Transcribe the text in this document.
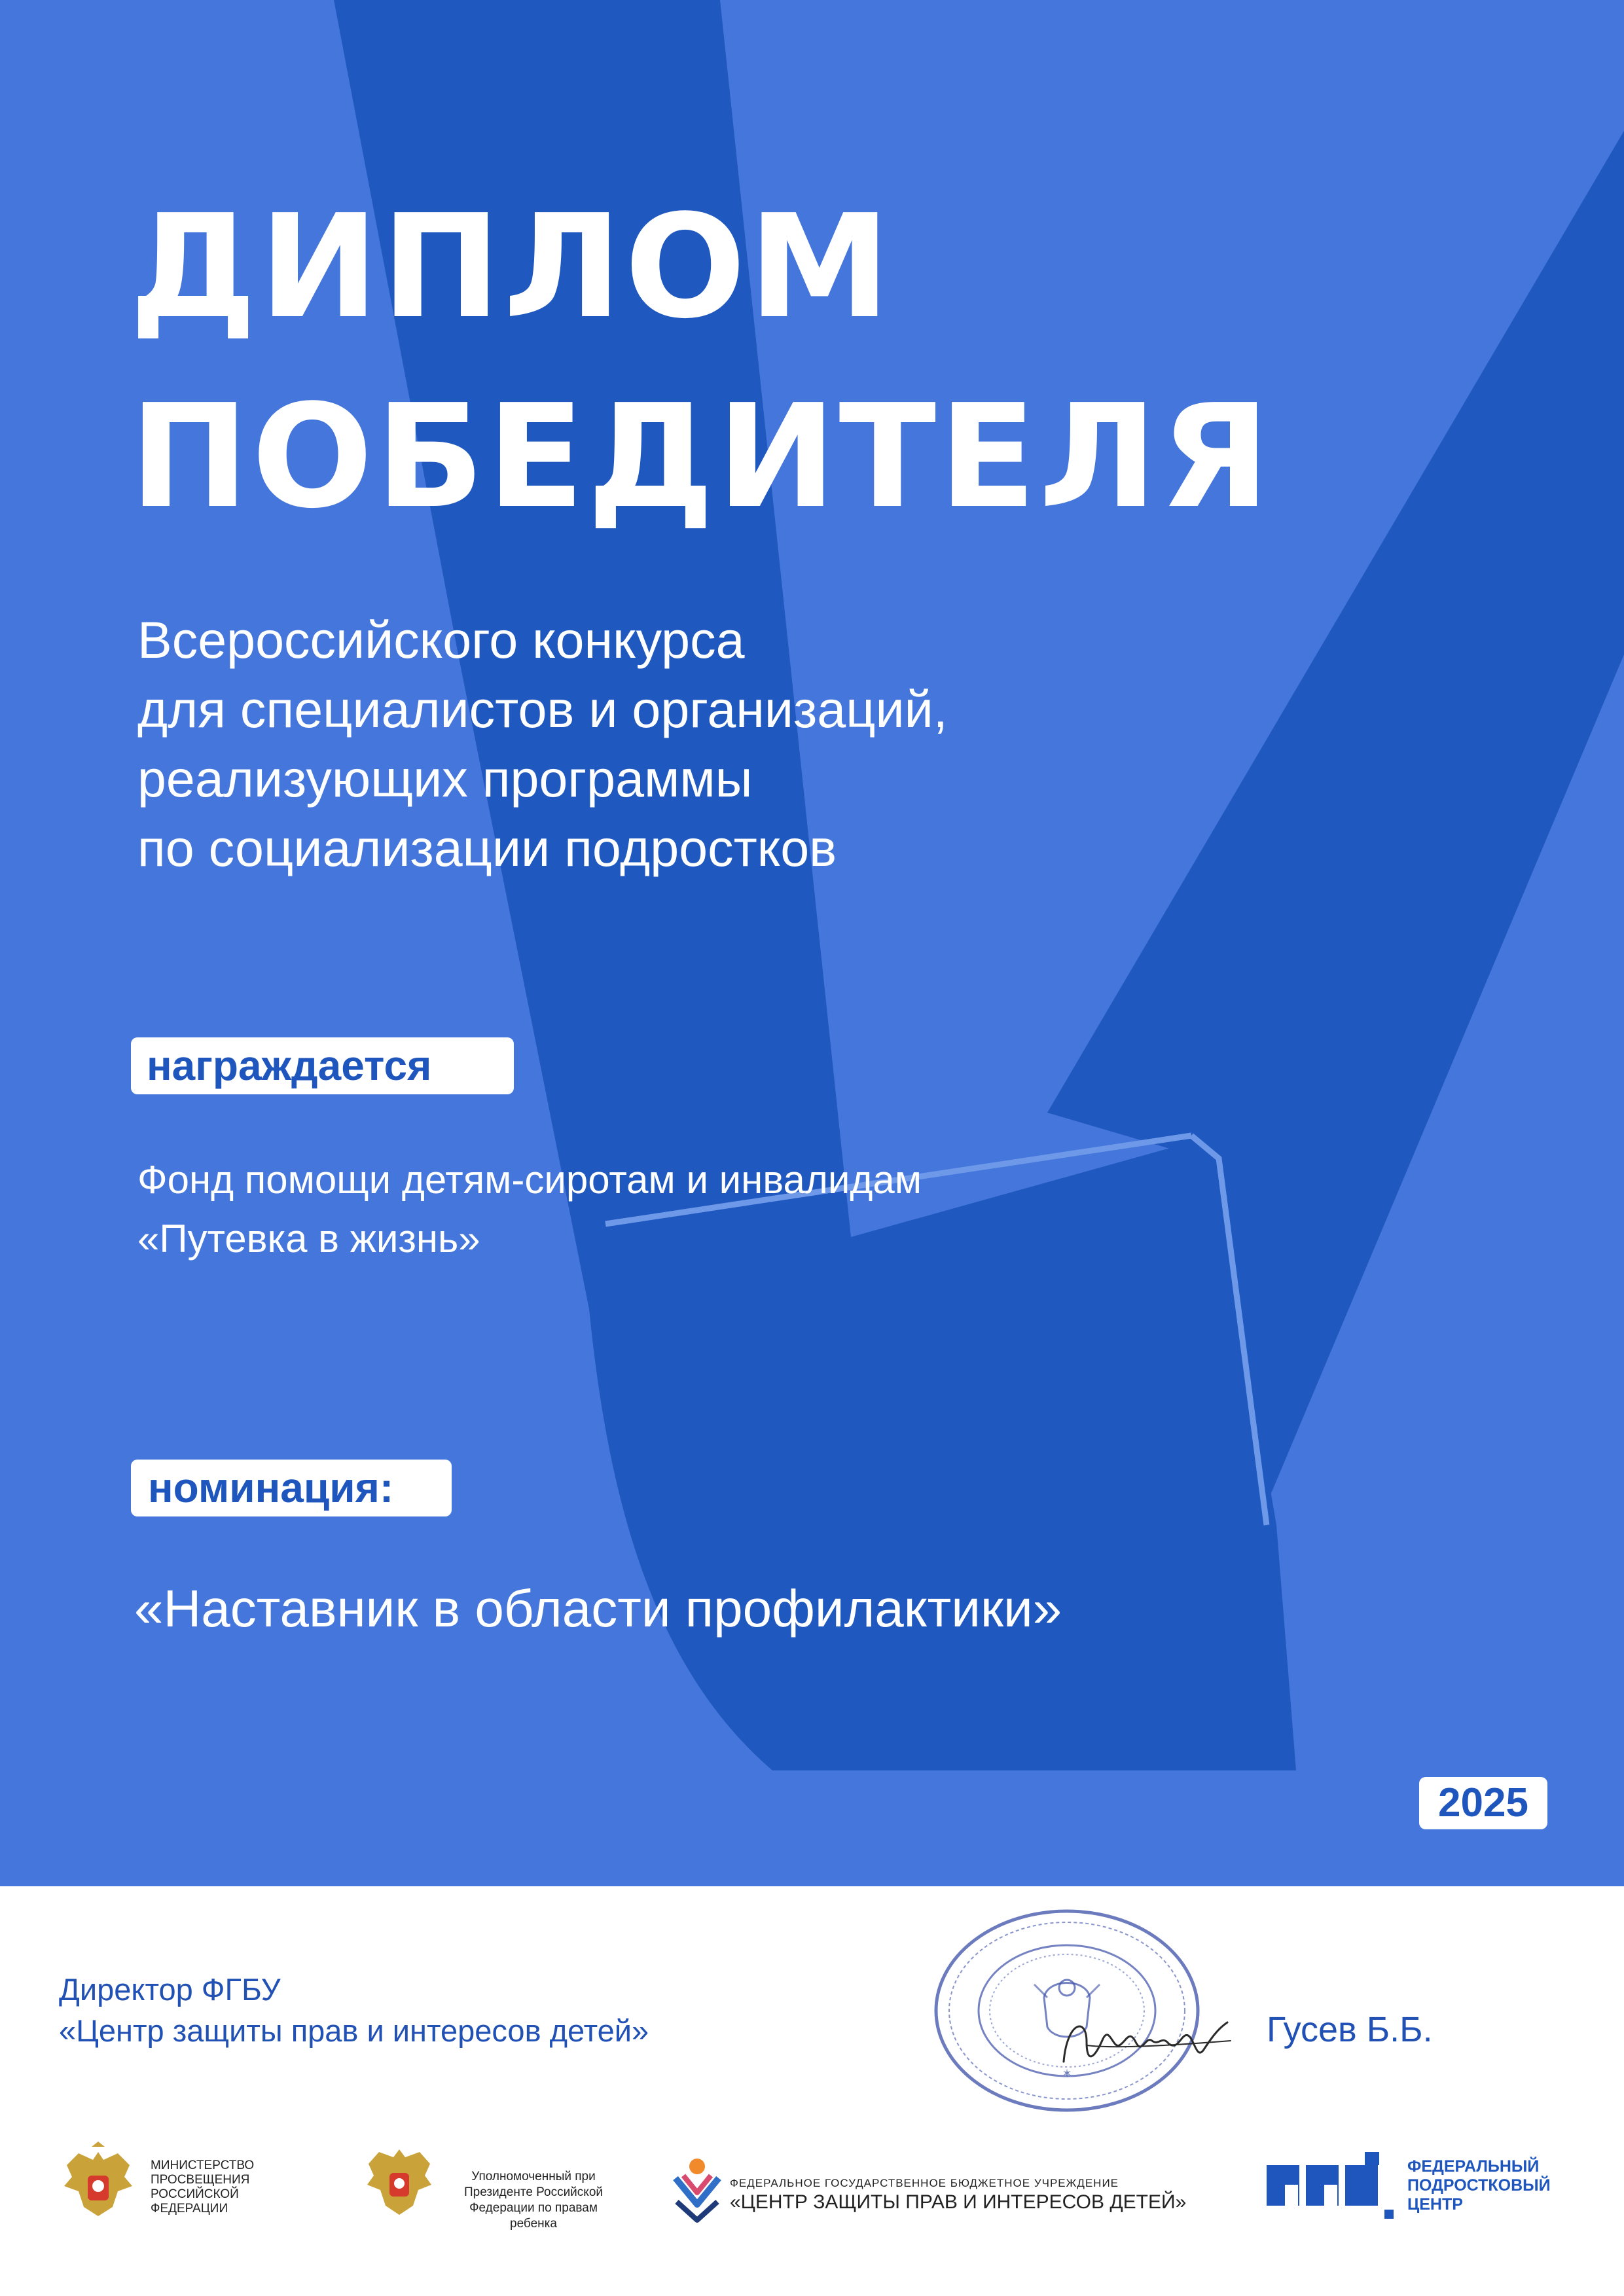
ДИПЛОМ
ПОБЕДИТЕЛЯ

Всероссийского конкурса
для специалистов и организаций,
реализующих программы
по социализации подростков

награждается
Фонд помощи детям-сиротам и инвалидам
«Путевка в жизнь»
номинация:
«Наставник в области профилактики»
2025
Директор ФГБУ
«Центр защиты прав и интересов детей»
✶
Гусев Б.Б.
МИНИСТЕРСТВО
ПРОСВЕЩЕНИЯ
РОССИЙСКОЙ
ФЕДЕРАЦИИ
Уполномоченный при
Президенте Российской
Федерации по правам
ребенка
ФЕДЕРАЛЬНОЕ ГОСУДАРСТВЕННОЕ БЮДЖЕТНОЕ УЧРЕЖДЕНИЕ
«ЦЕНТР ЗАЩИТЫ ПРАВ И ИНТЕРЕСОВ ДЕТЕЙ»
ФЕДЕРАЛЬНЫЙ
ПОДРОСТКОВЫЙ
ЦЕНТР
